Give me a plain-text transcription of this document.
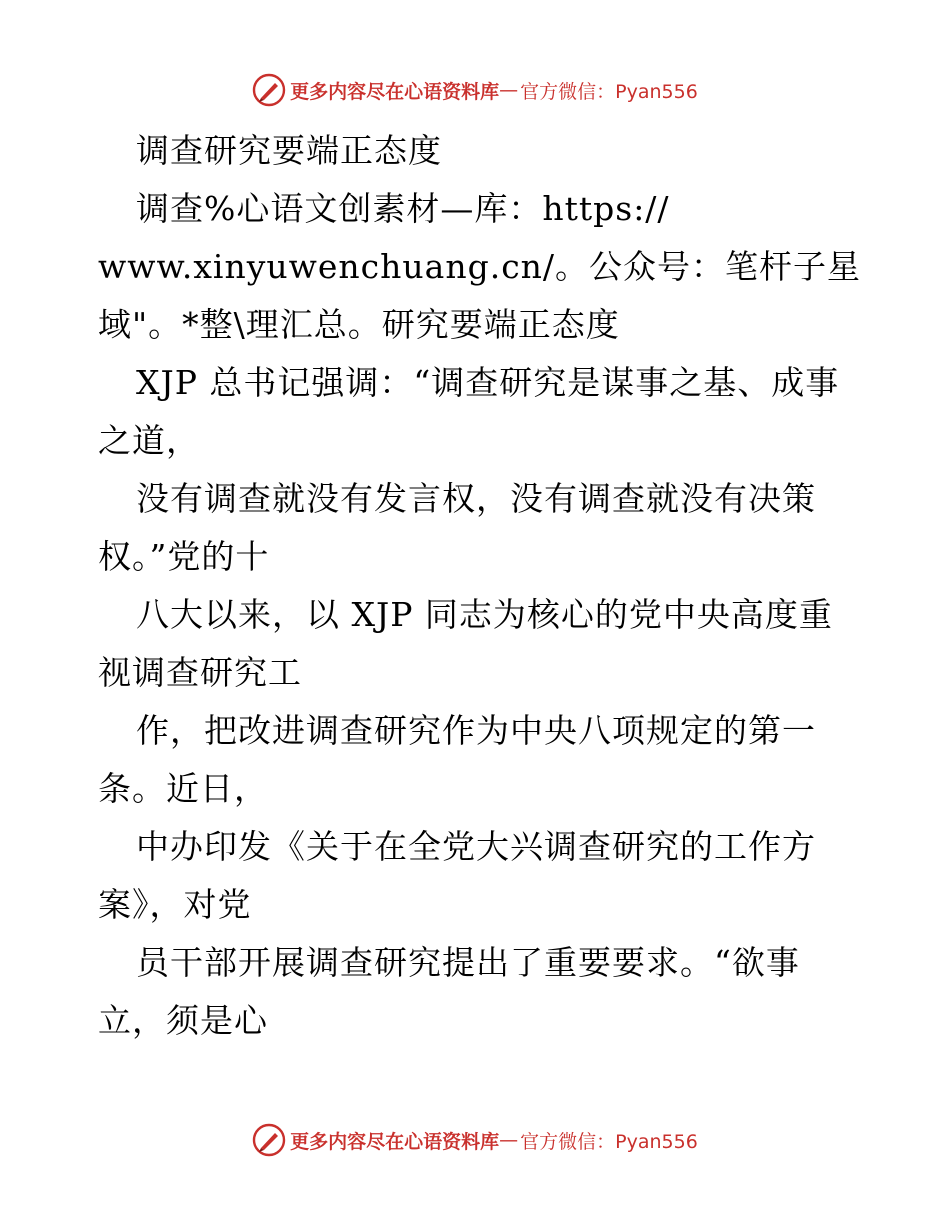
更多内容尽在心语资料库 — 官方微信：Pyan556
调查研究要端正态度
调查%心语文创素材—库：https://
www.xinyuwenchuang.cn/。公众号：笔杆子星
域"。*整\理汇总。研究要端正态度
XJP 总书记强调：“调查研究是谋事之基、成事
之道，
没有调查就没有发言权，没有调查就没有决策
权。”党的十
八大以来，以 XJP 同志为核心的党中央高度重
视调查研究工
作，把改进调查研究作为中央八项规定的第一
条。近日，
中办印发《关于在全党大兴调查研究的工作方
案》，对党
员干部开展调查研究提出了重要要求。“欲事
立，须是心
更多内容尽在心语资料库 — 官方微信：Pyan556
